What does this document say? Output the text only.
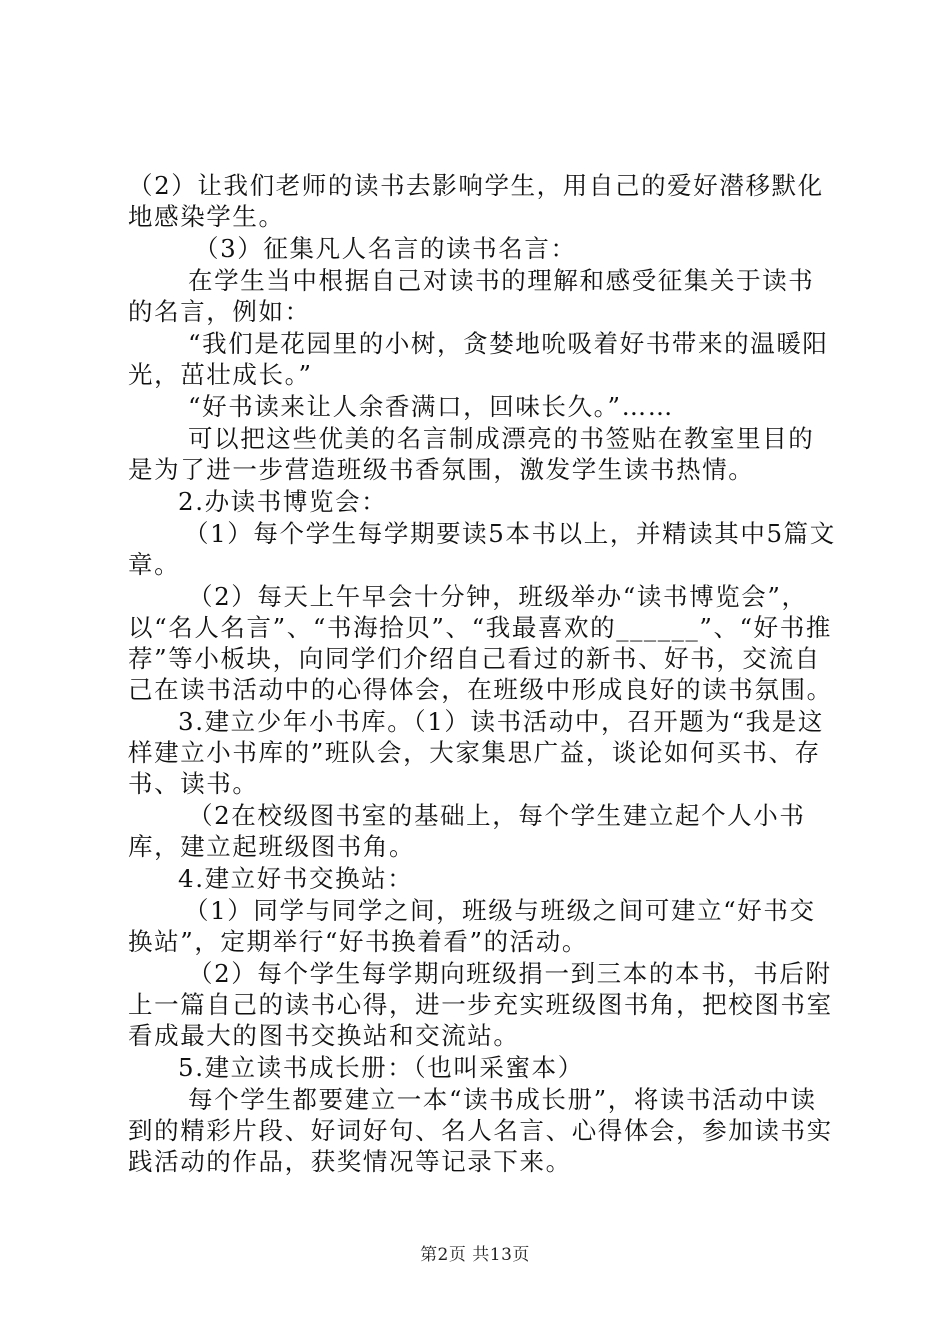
（2）让我们老师的读书去影响学生，用自己的爱好潜移默化地感染学生。

（3）征集凡人名言的读书名言：

在学生当中根据自己对读书的理解和感受征集关于读书的名言，例如：

“我们是花园里的小树，贪婪地吮吸着好书带来的温暖阳光，茁壮成长。”

“好书读来让人余香满口，回味长久。”……

可以把这些优美的名言制成漂亮的书签贴在教室里目的是为了进一步营造班级书香氛围，激发学生读书热情。

2.办读书博览会：

（1）每个学生每学期要读5本书以上，并精读其中5篇文章。

（2）每天上午早会十分钟，班级举办“读书博览会”，以“名人名言”、“书海拾贝”、“我最喜欢的______”、“好书推荐”等小板块，向同学们介绍自己看过的新书、好书，交流自己在读书活动中的心得体会，在班级中形成良好的读书氛围。

3.建立少年小书库。（1）读书活动中，召开题为“我是这样建立小书库的”班队会，大家集思广益，谈论如何买书、存书、读书。

（2在校级图书室的基础上，每个学生建立起个人小书库，建立起班级图书角。

4.建立好书交换站：

（1）同学与同学之间，班级与班级之间可建立“好书交换站”，定期举行“好书换着看”的活动。

（2）每个学生每学期向班级捐一到三本的本书，书后附上一篇自己的读书心得，进一步充实班级图书角，把校图书室看成最大的图书交换站和交流站。

5.建立读书成长册：（也叫采蜜本）

每个学生都要建立一本“读书成长册”，将读书活动中读到的精彩片段、好词好句、名人名言、心得体会，参加读书实践活动的作品，获奖情况等记录下来。

第2页 共13页
